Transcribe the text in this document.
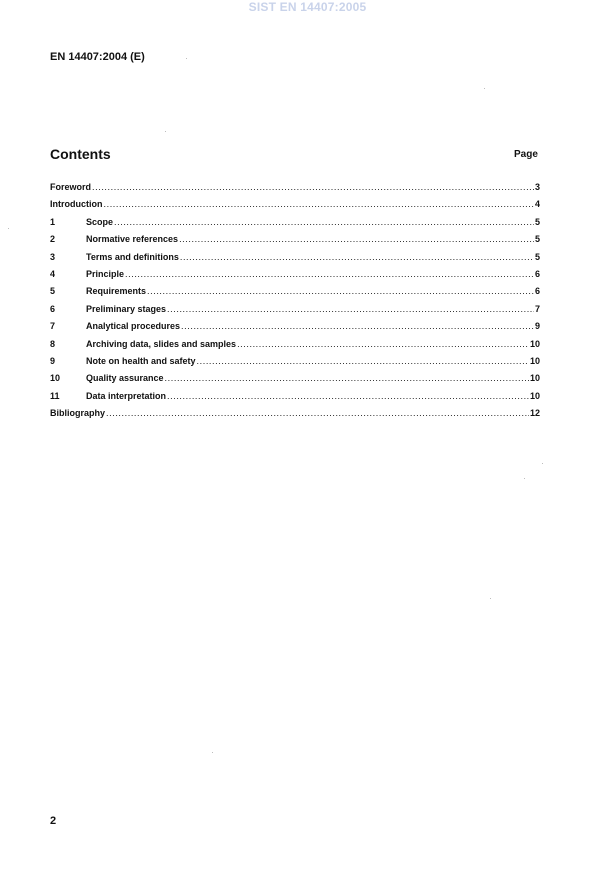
SIST EN 14407:2005
EN 14407:2004 (E)
Contents	Page
Foreword .....	3
Introduction .....	4
1	Scope .....	5
2	Normative references .....	5
3	Terms and definitions .....	5
4	Principle .....	6
5	Requirements .....	6
6	Preliminary stages .....	7
7	Analytical procedures .....	9
8	Archiving data, slides and samples .....	10
9	Note on health and safety .....	10
10	Quality assurance .....	10
11	Data interpretation .....	10
Bibliography .....	12
2
